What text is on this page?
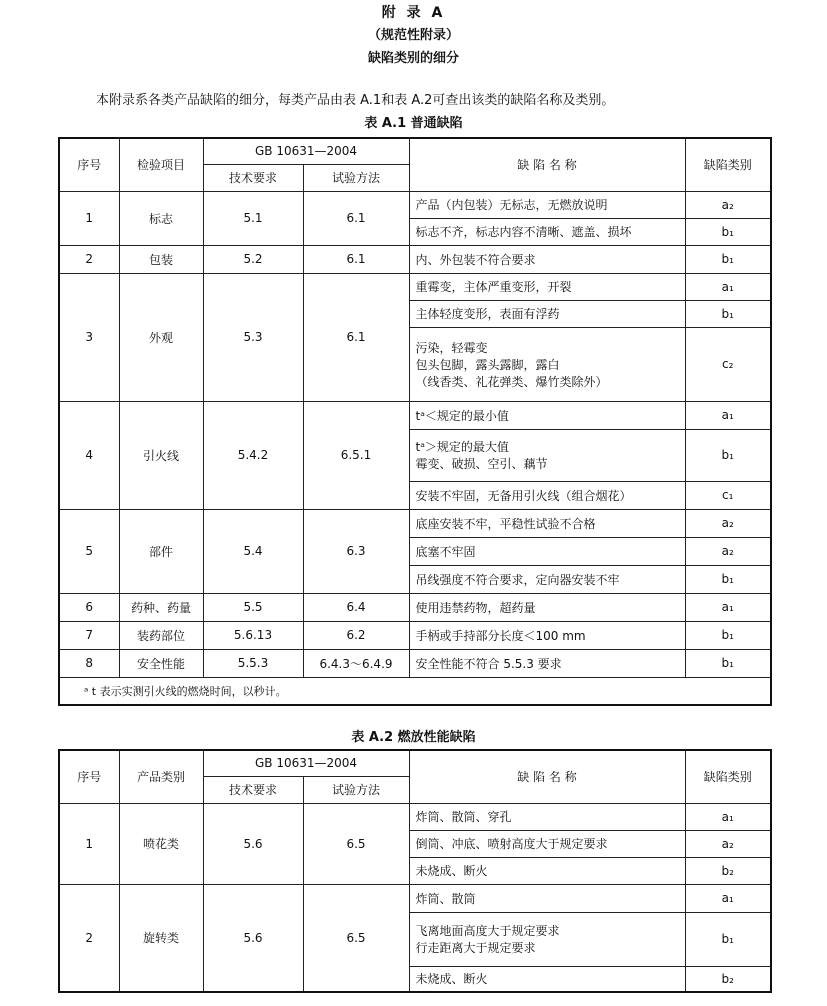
附 录 A
（规范性附录）
缺陷类别的细分
本附录系各类产品缺陷的细分，每类产品由表 A.1和表 A.2可查出该类的缺陷名称及类别。
表 A.1 普通缺陷
序号	检验项目	GB 10631—2004		缺 陷 名 称	缺陷类别
		技术要求	试验方法		
1	标志	5.1	6.1	产品（内包装）无标志，无燃放说明	a₂
				标志不齐，标志内容不清晰、遮盖、损坏	b₁
2	包装	5.2	6.1	内、外包装不符合要求	b₁
3	外观	5.3	6.1	重霉变，主体严重变形，开裂	a₁
				主体轻度变形，表面有浮药	b₁

				污染，轻霉变
包头包脚，露头露脚，露白
（线香类、礼花弹类、爆竹类除外）	c₂
4	引火线	5.4.2	6.5.1	tᵃ＜规定的最小值	a₁

				tᵃ＞规定的最大值
霉变、破损、空引、藕节	b₁
				安装不牢固，无备用引火线（组合烟花）	c₁
5	部件	5.4	6.3	底座安装不牢，平稳性试验不合格	a₂
				底塞不牢固	a₂
				吊线强度不符合要求，定向器安装不牢	b₁
6	药种、药量	5.5	6.4	使用违禁药物，超药量	a₁
7	装药部位	5.6.13	6.2	手柄或手持部分长度＜100 mm	b₁
8	安全性能	5.5.3	6.4.3～6.4.9	安全性能不符合 5.5.3 要求	b₁
ᵃ t 表示实测引火线的燃烧时间，以秒计。					
表 A.2 燃放性能缺陷
序号	产品类别	GB 10631—2004		缺 陷 名 称	缺陷类别
		技术要求	试验方法		
1	喷花类	5.6	6.5	炸筒、散筒、穿孔	a₁
				倒筒、冲底、喷射高度大于规定要求	a₂
				未烧成、断火	b₂
2	旋转类	5.6	6.5	炸筒、散筒	a₁

				飞离地面高度大于规定要求
行走距离大于规定要求	b₁
				未烧成、断火	b₂
